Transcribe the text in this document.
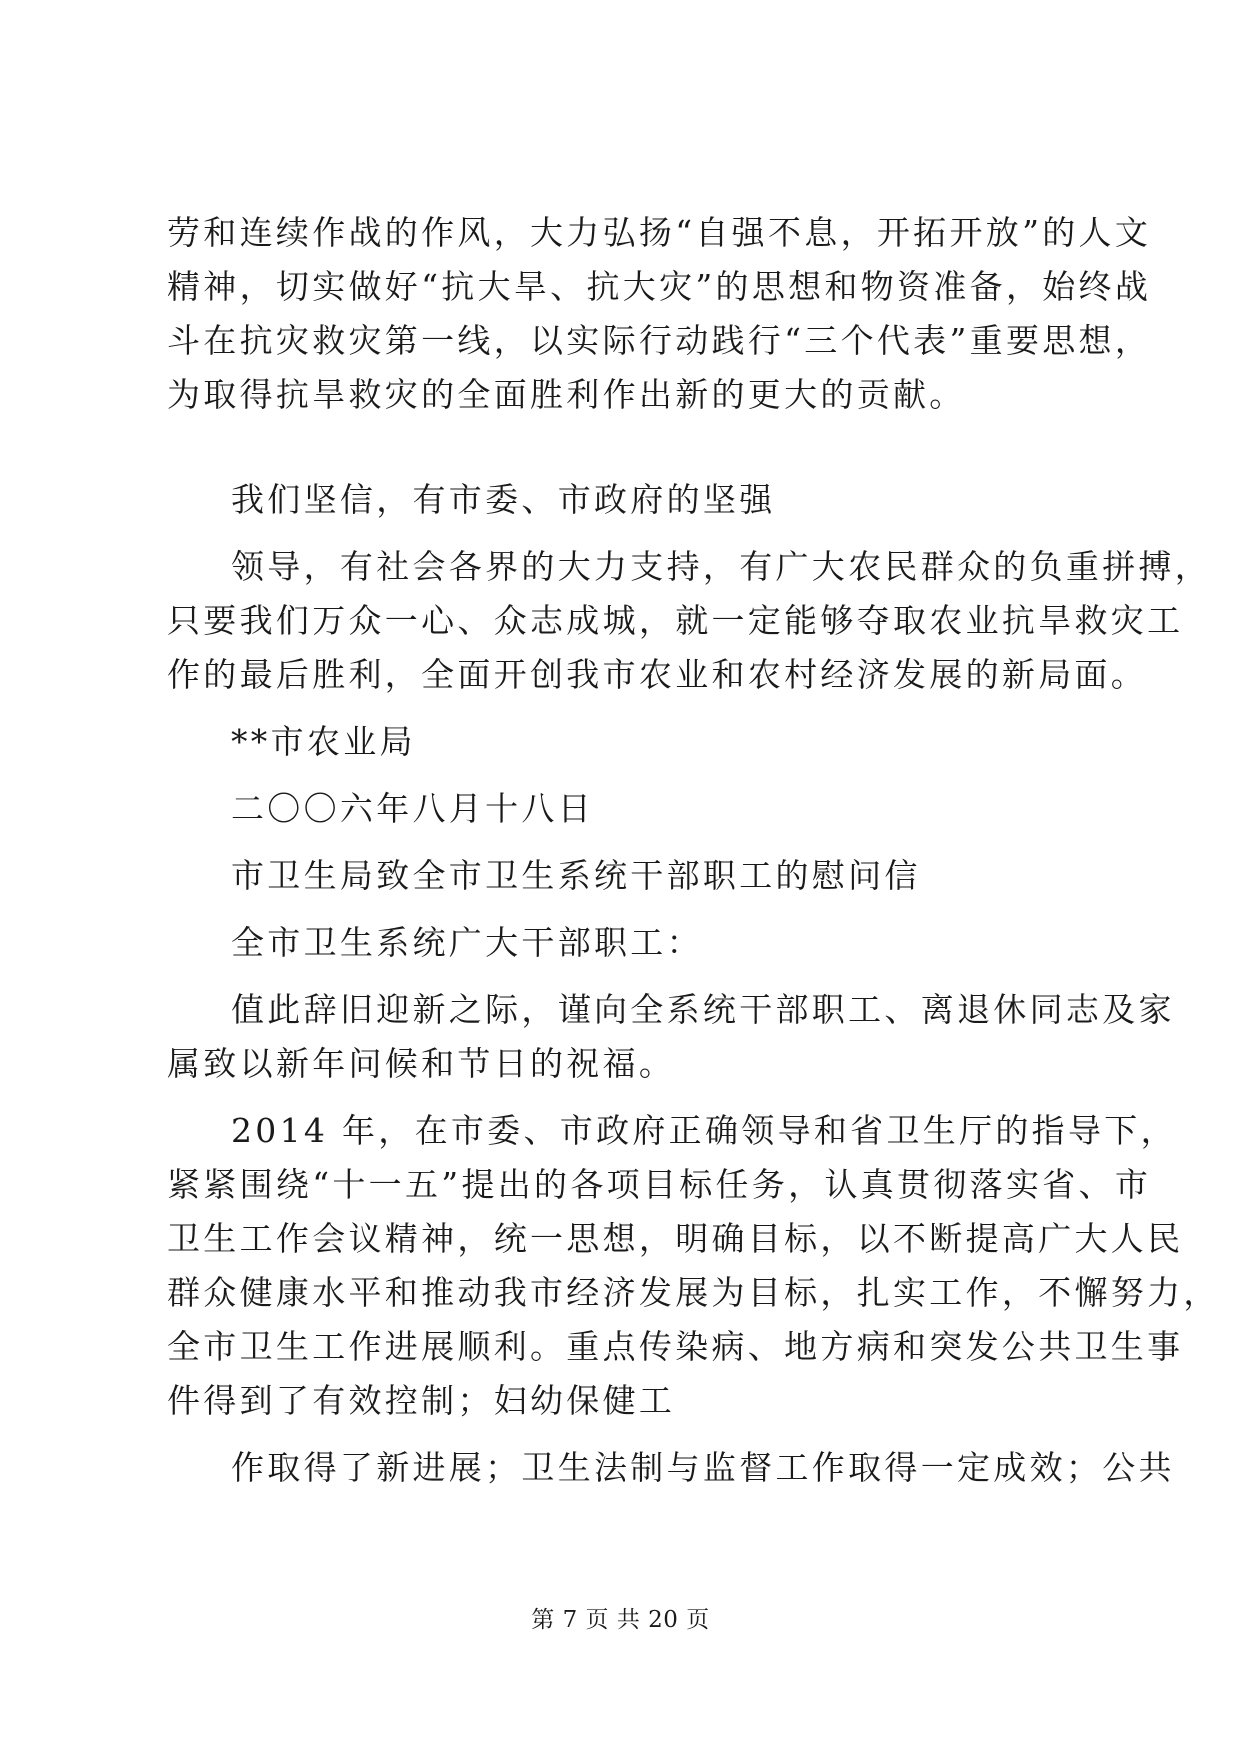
劳和连续作战的作风，大力弘扬“自强不息，开拓开放”的人文
精神，切实做好“抗大旱、抗大灾”的思想和物资准备，始终战
斗在抗灾救灾第一线，以实际行动践行“三个代表”重要思想，
为取得抗旱救灾的全面胜利作出新的更大的贡献。
我们坚信，有市委、市政府的坚强
领导，有社会各界的大力支持，有广大农民群众的负重拼搏，
只要我们万众一心、众志成城，就一定能够夺取农业抗旱救灾工
作的最后胜利，全面开创我市农业和农村经济发展的新局面。
**市农业局
二〇〇六年八月十八日
市卫生局致全市卫生系统干部职工的慰问信
全市卫生系统广大干部职工：
值此辞旧迎新之际，谨向全系统干部职工、离退休同志及家
属致以新年问候和节日的祝福。
2014 年，在市委、市政府正确领导和省卫生厅的指导下，
紧紧围绕“十一五”提出的各项目标任务，认真贯彻落实省、市
卫生工作会议精神，统一思想，明确目标，以不断提高广大人民
群众健康水平和推动我市经济发展为目标，扎实工作，不懈努力，
全市卫生工作进展顺利。重点传染病、地方病和突发公共卫生事
件得到了有效控制；妇幼保健工
作取得了新进展；卫生法制与监督工作取得一定成效；公共
第 7 页 共 20 页
